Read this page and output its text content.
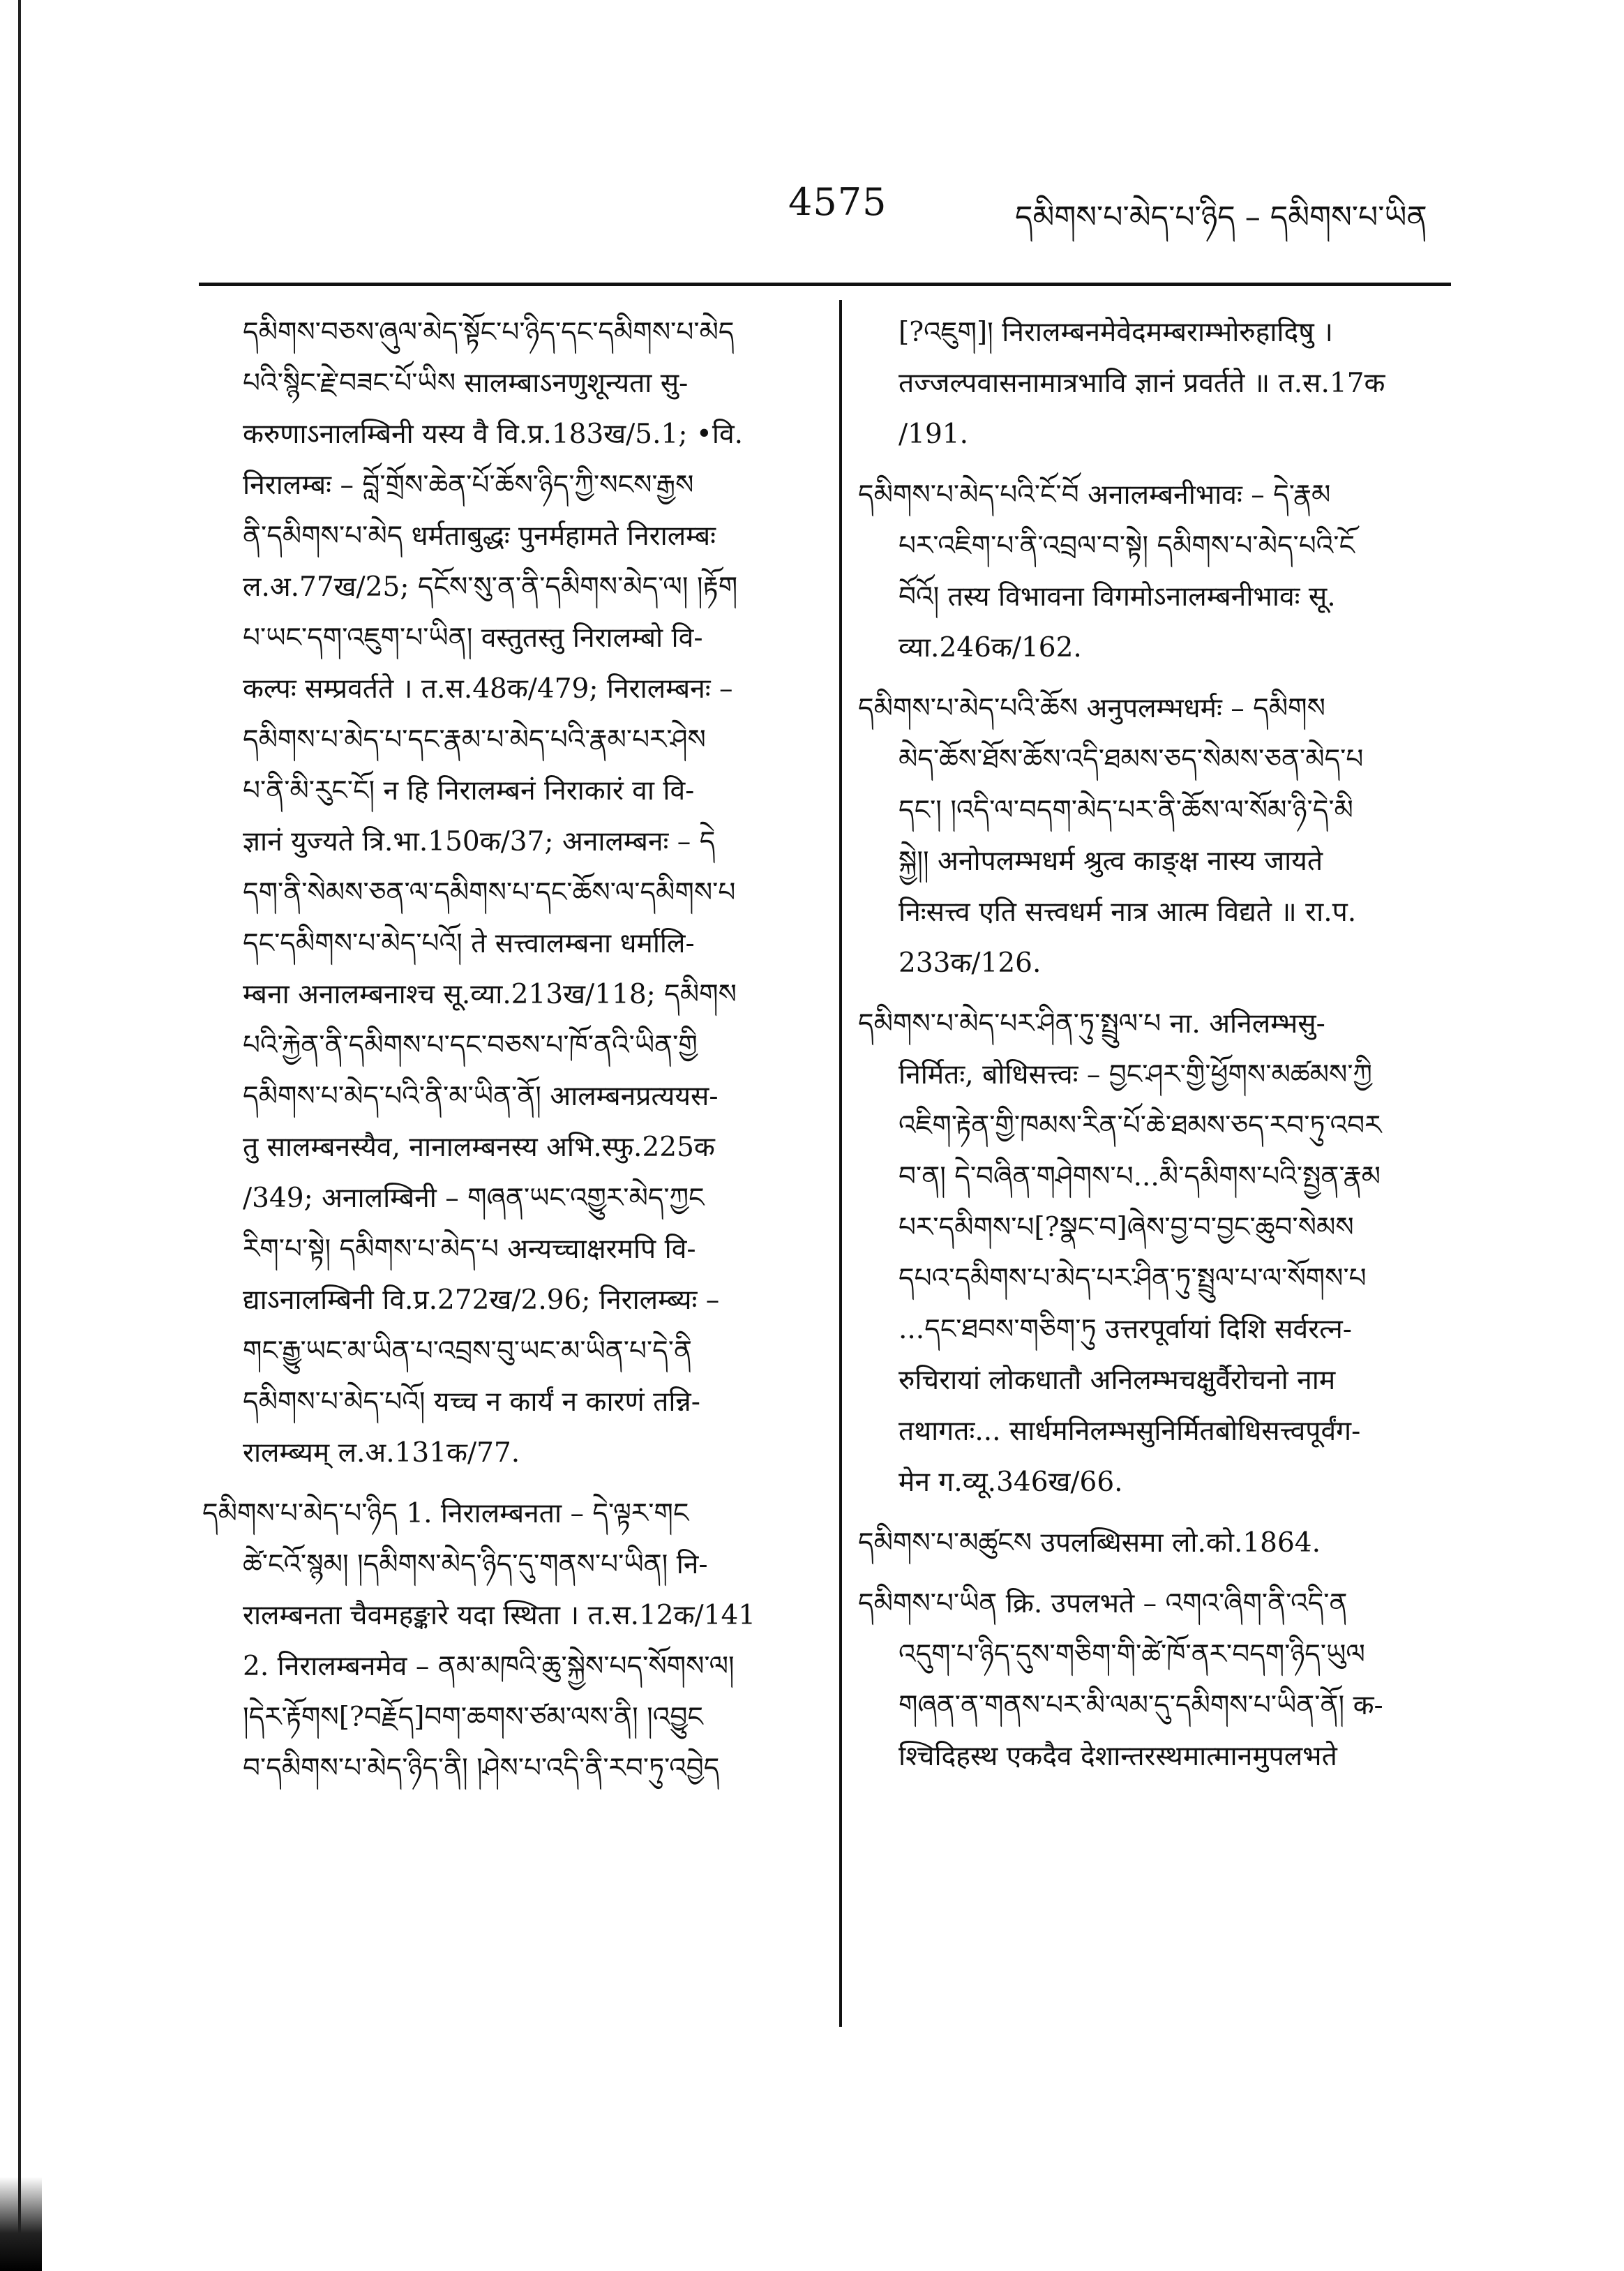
4575	དམིགས་པ་མེད་པ་ཉིད – དམིགས་པ་ཡིན
དམིགས་བཅས་ཞུལ་མེད་སྟོང་པ་ཉིད་དང་དམིགས་པ་མེད
པའི་སྙིང་རྗེ་བཟང་པོ་ཡིས सालम्बाऽनणुशून्यता सु-
करुणाऽनालम्बिनी यस्य वै वि.प्र.183ख/5.1; •वि.
निरालम्बः – བློ་གྲོས་ཆེན་པོ་ཆོས་ཉིད་ཀྱི་སངས་རྒྱས
ནི་དམིགས་པ་མེད धर्मताबुद्धः पुनर्महामते निरालम्बः
ल.अ.77ख/25; དངོས་སུ་ན་ནི་དམིགས་མེད་ལ། །རྟོག
པ་ཡང་དག་འཇུག་པ་ཡིན། वस्तुतस्तु निरालम्बो वि-
कल्पः सम्प्रवर्तते । त.स.48क/479; निरालम्बनः –
དམིགས་པ་མེད་པ་དང་རྣམ་པ་མེད་པའི་རྣམ་པར་ཤེས
པ་ནི་མི་རུང་ངོ། न हि निरालम्बनं निराकारं वा वि-
ज्ञानं युज्यते त्रि.भा.150क/37; अनालम्बनः – དེ
དག་ནི་སེམས་ཅན་ལ་དམིགས་པ་དང་ཆོས་ལ་དམིགས་པ
དང་དམིགས་པ་མེད་པའོ། ते सत्त्वालम्बना धर्मालि-
म्बना अनालम्बनाश्च सू.व्या.213ख/118; དམིགས
པའི་རྐྱེན་ནི་དམིགས་པ་དང་བཅས་པ་ཁོ་ནའི་ཡིན་གྱི
དམིགས་པ་མེད་པའི་ནི་མ་ཡིན་ནོ། आलम्बनप्रत्ययस-
तु सालम्बनस्यैव, नानालम्बनस्य अभि.स्फु.225क
/349; अनालम्बिनी – གཞན་ཡང་འགྱུར་མེད་ཀྱང
རིག་པ་སྟེ། དམིགས་པ་མེད་པ अन्यच्चाक्षरमपि वि-
द्याऽनालम्बिनी वि.प्र.272ख/2.96; निरालम्ब्यः –
གང་རྒྱུ་ཡང་མ་ཡིན་པ་འབྲས་བུ་ཡང་མ་ཡིན་པ་དེ་ནི
དམིགས་པ་མེད་པའོ། यच्च न कार्यं न कारणं तन्नि-
रालम्ब्यम् ल.अ.131क/77.
དམིགས་པ་མེད་པ་ཉིད 1. निरालम्बनता – དེ་ལྟར་གང
ཚེ་ངའོ་སྙམ། །དམིགས་མེད་ཉིད་དུ་གནས་པ་ཡིན། नि-
रालम्बनता चैवमहङ्कारे यदा स्थिता । त.स.12क/141
2. निरालम्बनमेव – ནམ་མཁའི་ཆུ་སྐྱེས་པད་སོགས་ལ།
།དེར་རྟོགས[?བརྗོད]བག་ཆགས་ཙམ་ལས་ནི། །འབྱུང
བ་དམིགས་པ་མེད་ཉིད་ནི། །ཤེས་པ་འདི་ནི་རབ་ཏུ་འབྱེད
[?འཇུག]། निरालम्बनमेवेदमम्बराम्भोरुहादिषु ।
तज्जल्पवासनामात्रभावि ज्ञानं प्रवर्तते ॥ त.स.17क
/191.
དམིགས་པ་མེད་པའི་ངོ་བོ अनालम्बनीभावः – དེ་རྣམ
པར་འཇིག་པ་ནི་འབྲལ་བ་སྟེ། དམིགས་པ་མེད་པའི་ངོ
བོའོ། तस्य विभावना विगमोऽनालम्बनीभावः सू.
व्या.246क/162.
དམིགས་པ་མེད་པའི་ཆོས अनुपलम्भधर्मः – དམིགས
མེད་ཆོས་ཐོས་ཆོས་འདི་ཐམས་ཅད་སེམས་ཅན་མེད་པ
དང་། །འདི་ལ་བདག་མེད་པར་ནི་ཆོས་ལ་སོམ་ཉི་དེ་མི
སྐྱེ།། अनोपलम्भधर्म श्रुत्व काङ्क्ष नास्य जायते
निःसत्त्व एति सत्त्वधर्म नात्र आत्म विद्यते ॥ रा.प.
233क/126.
དམིགས་པ་མེད་པར་ཤིན་ཏུ་སྤྲུལ་པ ना. अनिलम्भसु-
निर्मितः, बोधिसत्त्वः – བྱང་ཤར་གྱི་ཕྱོགས་མཚམས་ཀྱི
འཇིག་རྟེན་གྱི་ཁམས་རིན་པོ་ཆེ་ཐམས་ཅད་རབ་ཏུ་འབར
བ་ན། དེ་བཞིན་གཤེགས་པ...མི་དམིགས་པའི་སྤྱན་རྣམ
པར་དམིགས་པ[?སྣང་བ]ཞེས་བྱ་བ་བྱང་ཆུབ་སེམས
དཔའ་དམིགས་པ་མེད་པར་ཤིན་ཏུ་སྤྲུལ་པ་ལ་སོགས་པ
...དང་ཐབས་གཅིག་ཏུ उत्तरपूर्वायां दिशि सर्वरत्न-
रुचिरायां लोकधातौ अनिलम्भचक्षुर्वैरोचनो नाम
तथागतः... सार्धमनिलम्भसुनिर्मितबोधिसत्त्वपूर्वंग-
मेन ग.व्यू.346ख/66.
དམིགས་པ་མཚུངས उपलब्धिसमा लो.को.1864.
དམིགས་པ་ཡིན क्रि. उपलभते – འགའ་ཞིག་ནི་འདི་ན
འདུག་པ་ཉིད་དུས་གཅིག་གི་ཚེ་ཁོ་ནར་བདག་ཉིད་ཡུལ
གཞན་ན་གནས་པར་མི་ལམ་དུ་དམིགས་པ་ཡིན་ནོ། क-
श्चिदिहस्थ एकदैव देशान्तरस्थमात्मानमुपलभते
